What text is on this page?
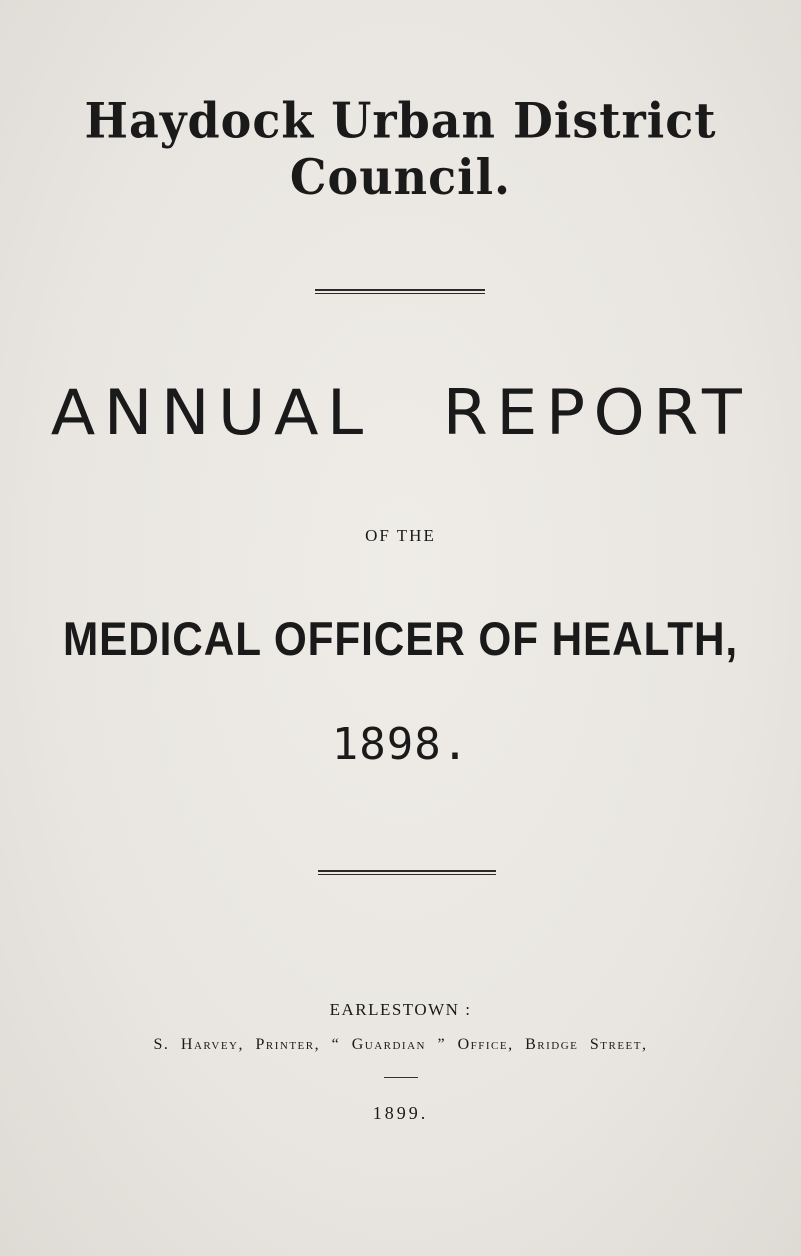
Haydock Urban District Council.
ANNUAL REPORT
OF THE
MEDICAL OFFICER OF HEALTH,
1898.
EARLESTOWN :
S. Harvey, Printer, “ Guardian ” Office, Bridge Street,
1899.
